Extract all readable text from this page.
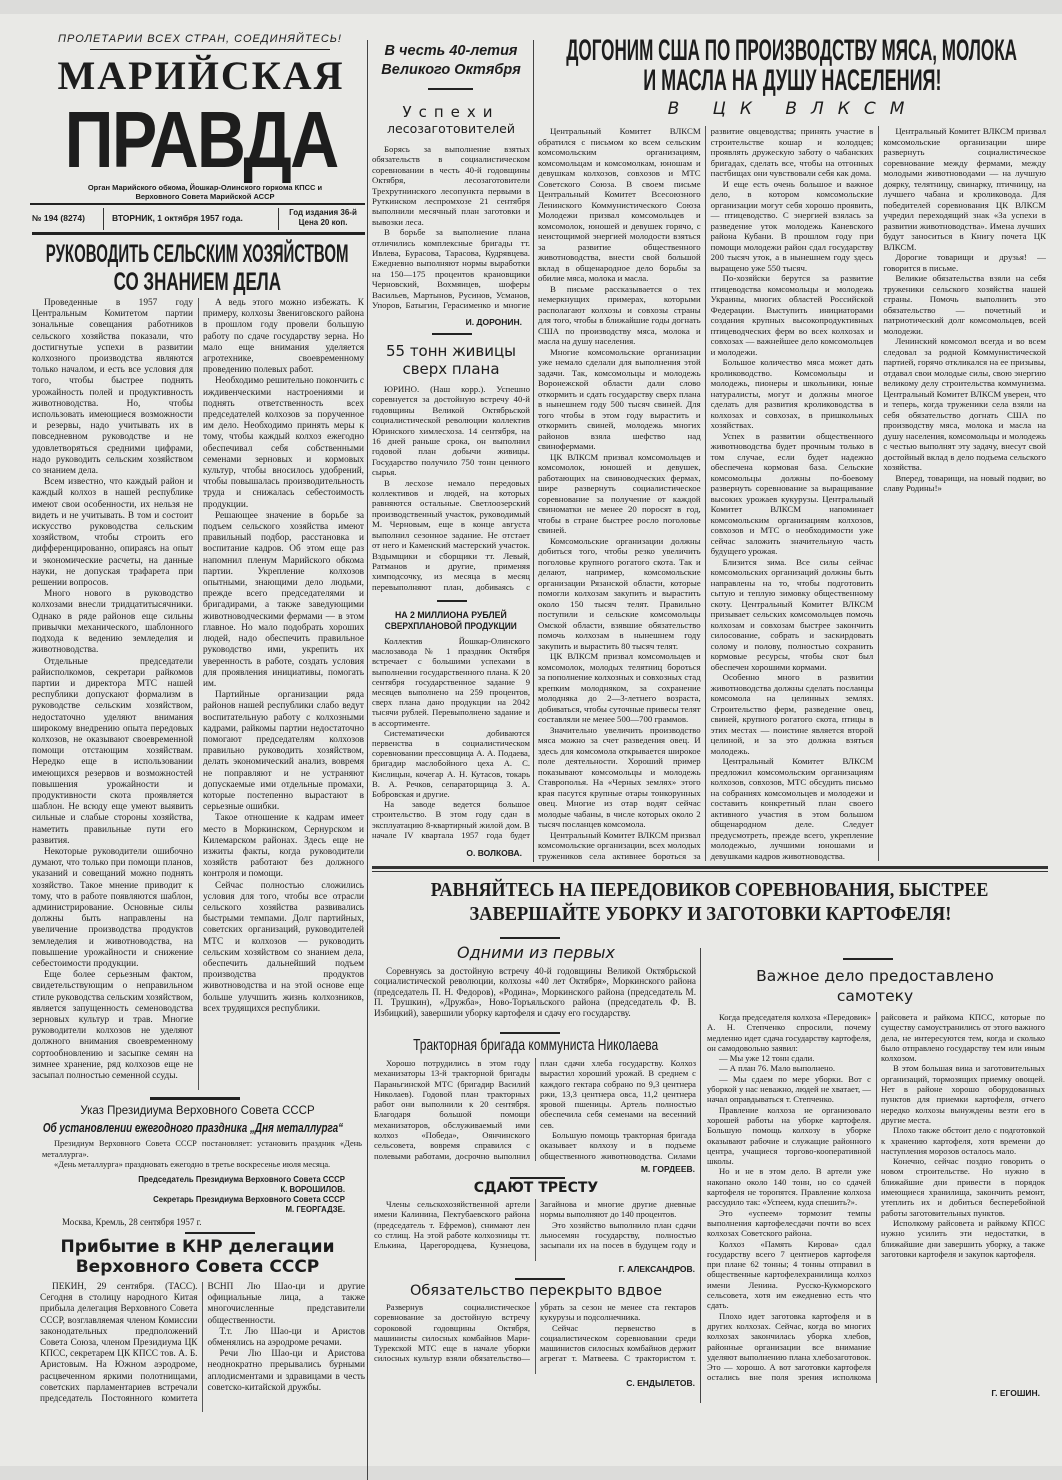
ПРОЛЕТАРИИ ВСЕХ СТРАН, СОЕДИНЯЙТЕСЬ!
МАРИЙСКАЯ
ПРАВДА
Орган Марийского обкома, Йошкар-Олинского горкома КПСС и Верховного Совета Марийской АССР
№ 194 (8274)	ВТОРНИК, 1 октября 1957 года.
Год издания 36-й
Цена 20 коп.
РУКОВОДИТЬ СЕЛЬСКИМ ХОЗЯЙСТВОМ
СО ЗНАНИЕМ ДЕЛА

Проведенные в 1957 году Центральным Комитетом партии зональные совещания работников сельского хозяйства показали, что достигнутые успехи в развитии колхозного производства являются только началом, и есть все условия для того, чтобы быстрее поднять урожайность полей и продуктивность животноводства. Но, чтобы использовать имеющиеся возможности и резервы, надо учитывать их в повседневном руководстве и не удовлетворяться средними цифрами, надо руководить сельским хозяйством со знанием дела.

Всем известно, что каждый район и каждый колхоз в нашей республике имеют свои особенности, их нельзя не видеть и не учитывать. В том и состоит искусство руководства сельским хозяйством, чтобы строить его дифференцированно, опираясь на опыт и экономические расчеты, на данные науки, не допуская трафарета при решении вопросов.

Много нового в руководство колхозами внесли тридцатитысячники. Однако в ряде районов еще сильны привычки механического, шаблонного подхода к ведению земледелия и животноводства.

Отдельные председатели райисполкомов, секретари райкомов партии и директора МТС нашей республики допускают формализм в руководстве сельским хозяйством, недостаточно уделяют внимания широкому внедрению опыта передовых колхозов, не оказывают своевременной помощи отстающим хозяйствам. Нередко еще в использовании имеющихся резервов и возможностей повышения урожайности и продуктивности скота проявляется шаблон. Не всюду еще умеют выявить сильные и слабые стороны хозяйства, наметить правильные пути его развития.

Некоторые руководители ошибочно думают, что только при помощи планов, указаний и совещаний можно поднять хозяйство. Такое мнение приводит к тому, что в работе появляются шаблон, администрирование. Основные силы должны быть направлены на увеличение производства продуктов земледелия и животноводства, на повышение урожайности и снижение себестоимости продукции.

Еще более серьезным фактом, свидетельствующим о неправильном стиле руководства сельским хозяйством, является запущенность семеноводства зерновых культур и трав. Многие руководители колхозов не уделяют должного внимания своевременному сортообновлению и засыпке семян на зимнее хранение, ряд колхозов еще не засыпал полностью семенной ссуды.

А ведь этого можно избежать. К примеру, колхозы Звениговского района в прошлом году провели большую работу по сдаче государству зерна. Но мало еще внимания уделяется агротехнике, своевременному проведению полевых работ.

Необходимо решительно покончить с иждивенческими настроениями и поднять ответственность всех председателей колхозов за порученное им дело. Необходимо принять меры к тому, чтобы каждый колхоз ежегодно обеспечивал себя собственными семенами зерновых и кормовых культур, чтобы вносилось удобрений, чтобы повышалась производительность труда и снижалась себестоимость продукции.

Решающее значение в борьбе за подъем сельского хозяйства имеют правильный подбор, расстановка и воспитание кадров. Об этом еще раз напомнил пленум Марийского обкома партии. Укрепление колхозов опытными, знающими дело людьми, прежде всего председателями и бригадирами, а также заведующими животноводческими фермами — в этом главное. Но мало подобрать хороших людей, надо обеспечить правильное руководство ими, укрепить их уверенность в работе, создать условия для проявления инициативы, помогать им.

Партийные организации ряда районов нашей республики слабо ведут воспитательную работу с колхозными кадрами, райкомы партии недостаточно помогают председателям колхозов правильно руководить хозяйством, делать экономический анализ, вовремя не поправляют и не устраняют допускаемые ими отдельные промахи, которые постепенно вырастают в серьезные ошибки.

Такое отношение к кадрам имеет место в Моркинском, Сернурском и Килемарском районах. Здесь еще не изжиты факты, когда руководители хозяйств работают без должного контроля и помощи.

Сейчас полностью сложились условия для того, чтобы все отрасли сельского хозяйства развивались быстрыми темпами. Долг партийных, советских организаций, руководителей МТС и колхозов — руководить сельским хозяйством со знанием дела, обеспечить дальнейший подъем производства продуктов животноводства и на этой основе еще больше улучшить жизнь колхозников, всех трудящихся республики.

Указ Президиума Верховного Совета СССР
Об установлении ежегодного праздника „Дня металлурга“

Президиум Верховного Совета СССР постановляет: установить праздник «День металлурга».

«День металлурга» праздновать ежегодно в третье воскресенье июля месяца.

Председатель Президиума Верховного Совета СССР
К. ВОРОШИЛОВ.
Секретарь Президиума Верховного Совета СССР
М. ГЕОРГАДЗЕ.
Москва, Кремль, 28 сентября 1957 г.
Прибытие в КНР делегации
Верховного Совета СССР

ПЕКИН, 29 сентября. (ТАСС). Сегодня в столицу народного Китая прибыла делегация Верховного Совета СССР, возглавляемая членом Комиссии законодательных предположений Совета Союза, членом Президиума ЦК КПСС, секретарем ЦК КПСС тов. А. Б. Аристовым. На Южном аэродроме, расцвеченном яркими полотнищами, советских парламентариев встречали председатель Постоянного комитета ВСНП Лю Шао-ци и другие официальные лица, а также многочисленные представители общественности.

Т.т. Лю Шао-ци и Аристов обменялись на аэродроме речами.

Речи Лю Шао-ци и Аристова неоднократно прерывались бурными аплодисментами и здравицами в честь советско-китайской дружбы.

В честь 40-летия
Великого Октября
Успехи
лесозаготовителей

Борясь за выполнение взятых обязательств в социалистическом соревновании в честь 40-й годовщины Октября, лесозаготовители Трехрутнинского лесопункта первыми в Руткинском леспромхозе 21 сентября выполнили месячный план заготовки и вывозки леса.

В борьбе за выполнение плана отличились комплексные бригады тт. Ивлева, Бурасова, Тарасова, Кудрявцева. Ежедневно выполняют нормы выработки на 150—175 процентов крановщики Черновский, Вохмянцев, шоферы Васильев, Мартынов, Русинов, Усманов, Упоров, Батыгин, Герасименко и многие

И. ДОРОНИН.
55 тонн живицы
сверх плана

ЮРИНО. (Наш корр.). Успешно соревнуется за достойную встречу 40-й годовщины Великой Октябрьской социалистической революции коллектив Юринского химлесхоза. 14 сентября, на 16 дней раньше срока, он выполнил годовой план добычи живицы. Государство получило 750 тонн ценного сырья.

В лесхозе немало передовых коллективов и людей, на которых равняются остальные. Светлоозерский производственный участок, руководимый М. Черновым, еще в конце августа выполнил сезонное задание. Не отстает от него и Каменский мастерский участок. Вздымщики и сборщики тт. Левый, Ратманов и другие, применяя химподсочку, из месяца в месяц перевыполняют план, добиваясь с

НА 2 МИЛЛИОНА РУБЛЕЙ
СВЕРХПЛАНОВОЙ ПРОДУКЦИИ

Коллектив Йошкар-Олинского маслозавода № 1 праздник Октября встречает с большими успехами в выполнении государственного плана. К 20 сентября государственное задание 9 месяцев выполнено на 259 процентов, сверх плана дано продукции на 2042 тысячи рублей. Перевыполнено задание и в ассортименте.

Систематически добиваются первенства в социалистическом соревновании прессовщица А. А. Подаева, бригадир маслобойного цеха А. С. Кислицын, кочегар А. Н. Кутасов, токарь В. А. Речков, сепараторщица З. А. Бобровская и другие.

На заводе ведется большое строительство. В этом году сдан в эксплуатацию 8-квартирный жилой дом. В начале IV квартала 1957 года будет

О. ВОЛКОВА.
ДОГОНИМ США ПО ПРОИЗВОДСТВУ МЯСА, МОЛОКА
И МАСЛА НА ДУШУ НАСЕЛЕНИЯ!
В ЦК ВЛКСМ

Центральный Комитет ВЛКСМ обратился с письмом ко всем сельским комсомольским организациям, комсомольцам и комсомолкам, юношам и девушкам колхозов, совхозов и МТС Советского Союза. В своем письме Центральный Комитет Всесоюзного Ленинского Коммунистического Союза Молодежи призвал комсомольцев и комсомолок, юношей и девушек горячо, с неистощимой энергией молодости взяться за развитие общественного животноводства, внести свой большой вклад в общенародное дело борьбы за обилие мяса, молока и масла.

В письме рассказывается о тех немеркнущих примерах, которыми располагают колхозы и совхозы страны для того, чтобы в ближайшие годы догнать США по производству мяса, молока и масла на душу населения.

Многие комсомольские организации уже немало сделали для выполнения этой задачи. Так, комсомольцы и молодежь Воронежской области дали слово откормить и сдать государству сверх плана в нынешнем году 500 тысяч свиней. Для того чтобы в этом году вырастить и откормить свиней, молодежь многих районов взяла шефство над свинофермами.

ЦК ВЛКСМ призвал комсомольцев и комсомолок, юношей и девушек, работающих на свиноводческих фермах, шире развернуть социалистическое соревнование за получение от каждой свиноматки не менее 20 поросят в год, чтобы в стране быстрее росло поголовье свиней.

Комсомольские организации должны добиться того, чтобы резко увеличить поголовье крупного рогатого скота. Так и делают, например, комсомольские организации Рязанской области, которые помогли колхозам закупить и вырастить около 150 тысяч телят. Правильно поступили и сельские комсомольцы Омской области, взявшие обязательство помочь колхозам в нынешнем году закупить и вырастить 80 тысяч телят.

ЦК ВЛКСМ призвал комсомольцев и комсомолок, молодых телятниц бороться за пополнение колхозных и совхозных стад крепким молодняком, за сохранение молодняка до 2—3-летнего возраста, добиваться, чтобы суточные привесы телят составляли не менее 500—700 граммов.

Значительно увеличить производство мяса можно за счет разведения овец. И здесь для комсомола открывается широкое поле деятельности. Хороший пример показывают комсомольцы и молодежь Ставрополья. На «Черных землях» этого края пасутся крупные отары тонкорунных овец. Многие из отар водят сейчас молодые чабаны, в числе которых около 2 тысяч посланцев комсомола.

Центральный Комитет ВЛКСМ призвал комсомольские организации, всех молодых тружеников села активнее бороться за развитие овцеводства; принять участие в строительстве кошар и колодцев; проявлять дружескую заботу о чабанских бригадах, сделать все, чтобы на отгонных пастбищах они чувствовали себя как дома.

И еще есть очень большое и важное дело, в котором комсомольские организации могут себя хорошо проявить, — птицеводство. С энергией взялась за разведение уток молодежь Каневского района Кубани. В прошлом году при помощи молодежи район сдал государству 200 тысяч уток, а в нынешнем году здесь выращено уже 550 тысяч.

По-хозяйски берутся за развитие птицеводства комсомольцы и молодежь Украины, многих областей Российской Федерации. Выступить инициаторами создания крупных высокопродуктивных птицеводческих ферм во всех колхозах и совхозах — важнейшее дело комсомольцев и молодежи.

Большое количество мяса может дать кролиководство. Комсомольцы и молодежь, пионеры и школьники, юные натуралисты, могут и должны многое сделать для развития кролиководства в колхозах и совхозах, в пришкольных хозяйствах.

Успех в развитии общественного животноводства будет прочным только в том случае, если будет надежно обеспечена кормовая база. Сельские комсомольцы должны по-боевому развернуть соревнование за выращивание высоких урожаев кукурузы. Центральный Комитет ВЛКСМ напоминает комсомольским организациям колхозов, совхозов и МТС о необходимости уже сейчас заложить значительную часть будущего урожая.

Близится зима. Все силы сейчас комсомольских организаций должны быть направлены на то, чтобы подготовить сытую и теплую зимовку общественному скоту. Центральный Комитет ВЛКСМ призывает сельских комсомольцев помочь колхозам и совхозам быстрее закончить силосование, собрать и заскирдовать солому и полову, полностью сохранить кормовые ресурсы, чтобы скот был обеспечен хорошими кормами.

Особенно много в развитии животноводства должны сделать посланцы комсомола на целинных землях. Строительство ферм, разведение овец, свиней, крупного рогатого скота, птицы в этих местах — поистине является второй целиной, и за это должна взяться молодежь.

Центральный Комитет ВЛКСМ предложил комсомольским организациям колхозов, совхозов, МТС обсудить письмо на собраниях комсомольцев и молодежи и составить конкретный план своего активного участия в этом большом общенародном деле. Следует предусмотреть, прежде всего, укрепление молодежью, лучшими юношами и девушками кадров животноводства.

Центральный Комитет ВЛКСМ призвал комсомольские организации шире развернуть социалистическое соревнование между фермами, между молодыми животноводами — на лучшую доярку, телятницу, свинарку, птичницу, на лучшего чабана и кроликовода. Для победителей соревнования ЦК ВЛКСМ учредил переходящий знак «За успехи в развитии животноводства». Имена лучших будут заноситься в Книгу почета ЦК ВЛКСМ.

Дорогие товарищи и друзья! — говорится в письме.

Великие обязательства взяли на себя труженики сельского хозяйства нашей страны. Помочь выполнить это обязательство — почетный и патриотический долг комсомольцев, всей молодежи.

Ленинский комсомол всегда и во всем следовал за родной Коммунистической партией, горячо откликался на ее призывы, отдавал свои молодые силы, свою энергию великому делу строительства коммунизма. Центральный Комитет ВЛКСМ уверен, что и теперь, когда труженики села взяли на себя обязательство догнать США по производству мяса, молока и масла на душу населения, комсомольцы и молодежь с честью выполнят эту задачу, внесут свой достойный вклад в дело подъема сельского хозяйства.

Вперед, товарищи, на новый подвиг, во славу Родины!»

РАВНЯЙТЕСЬ НА ПЕРЕДОВИКОВ СОРЕВНОВАНИЯ, БЫСТРЕЕ
ЗАВЕРШАЙТЕ УБОРКУ И ЗАГОТОВКИ КАРТОФЕЛЯ!
Одними из первых

Соревнуясь за достойную встречу 40-й годовщины Великой Октябрьской социалистической революции, колхозы «40 лет Октября», Моркинского района (председатель П. Н. Федоров), «Родина», Моркинского района (председатель М. П. Трушкин), «Дружба», Ново-Торъяльского района (председатель Ф. В. Избицкий), завершили уборку картофеля и сдачу его государству.

Тракторная бригада коммуниста Николаева

Хорошо потрудились в этом году механизаторы 13-й тракторной бригады Параньгинской МТС (бригадир Василий Николаев). Годовой план тракторных работ они выполнили к 20 сентября. Благодаря большой помощи механизаторов, обслуживаемый ими колхоз «Победа», Оянчинского сельсовета, вовремя справился с полевыми работами, досрочно выполнил план сдачи хлеба государству. Колхоз вырастил хороший урожай. В среднем с каждого гектара собрано по 9,3 центнера ржи, 13,3 центнера овса, 11,2 центнера яровой пшеницы. Артель полностью обеспечила себя семенами на весенний сев.

Большую помощь тракторная бригада оказывает колхозу и в подъеме общественного животноводства. Силами

М. ГОРДЕЕВ.
СДАЮТ ТРЕСТУ

Члены сельскохозяйственной артели имени Калинина, Пектубаевского района (председатель т. Ефремов), снимают лен со стлищ. На этой работе колхозницы тт. Елькина, Царегородцева, Кузнецова, Загайнова и многие другие дневные нормы выполняют до 140 процентов.

Это хозяйство выполнило план сдачи льносемян государству, полностью засыпали их на посев в будущем году и

Г. АЛЕКСАНДРОВ.
Обязательство перекрыто вдвое

Развернув социалистическое соревнование за достойную встречу сороковой годовщины Октября, машинисты силосных комбайнов Мари-Турекской МТС еще в начале уборки силосных культур взяли обязательство—убрать за сезон не менее ста гектаров кукурузы и подсолнечника.

Сейчас первенство в социалистическом соревновании среди машинистов силосных комбайнов держит агрегат т. Матвеева. С трактористом т.

С. ЕНДЫЛЕТОВ.
Важное дело предоставлено
самотеку

Когда председателя колхоза «Передовик» А. Н. Степченко спросили, почему медленно идет сдача государству картофеля, он самодовольно заявил:

— Мы уже 12 тонн сдали.

— А план 76. Мало выполнено.

— Мы сдаем по мере уборки. Вот с уборкой у нас неважно, людей не хватает, — начал оправдываться т. Степченко.

Правление колхоза не организовало хорошей работы на уборке картофеля. Большую помощь колхозу в уборке оказывают рабочие и служащие районного центра, учащиеся торгово-кооперативной школы.

Но и не в этом дело. В артели уже накопано около 140 тонн, но со сдачей картофеля не торопятся. Правление колхоза рассудило так: «Успеем, куда спешить?».

Это «успеем» тормозит темпы выполнения картофелесдачи почти во всех колхозах Советского района.

Колхоз «Память Кирова» сдал государству всего 7 центнеров картофеля при плане 62 тонны; 4 тонны отправил в общественные картофелехранилища колхоз имени Ленина. Русско-Кукморского сельсовета, хотя им ежедневно есть что сдать.

Плохо идет заготовка картофеля и в других колхозах. Сейчас, когда во многих колхозах закончилась уборка хлебов, районные организации все внимание уделяют выполнению плана хлебозаготовок. Это — хорошо. А вот заготовки картофеля остались вне поля зрения исполкома райсовета и райкома КПСС, которые по существу самоустранились от этого важного дела, не интересуются тем, когда и сколько было отправлено государству тем или иным колхозом.

В этом большая вина и заготовительных организаций, тормозящих приемку овощей. Нет в районе хорошо оборудованных пунктов для приемки картофеля, отчего нередко колхозы вынуждены везти его в другие места.

Плохо также обстоит дело с подготовкой к хранению картофеля, хотя времени до наступления морозов осталось мало.

Конечно, сейчас поздно говорить о новом строительстве. Но нужно в ближайшие дни привести в порядок имеющиеся хранилища, закончить ремонт, утеплить их и добиться бесперебойной работы заготовительных пунктов.

Исполкому райсовета и райкому КПСС нужно усилить эти недостатки, в ближайшие дни завершить уборку, а также заготовки картофеля и закупок картофеля.

Г. ЕГОШИН.
